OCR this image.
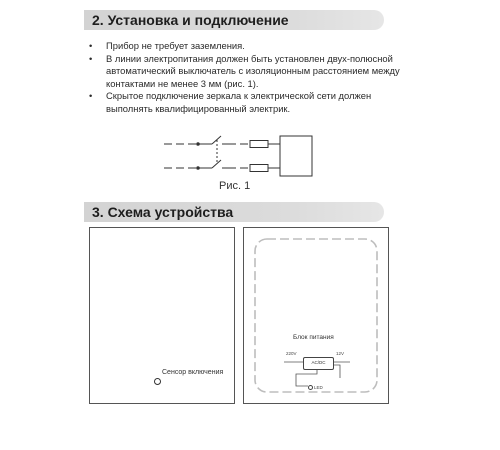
2. Установка и подключение
• Прибор не требует заземления.
• В линии электропитания должен быть установлен двух-полюсной автоматический выключатель с изоляционным расстоянием между контактами не менее 3 мм (рис. 1).
• Скрытое подключение зеркала к электрической сети должен выполнять квалифицированный электрик.
Рис. 1
3. Схема устройства
Сенсор включения
Блок питания
220V
AC/DC
12V
LED
